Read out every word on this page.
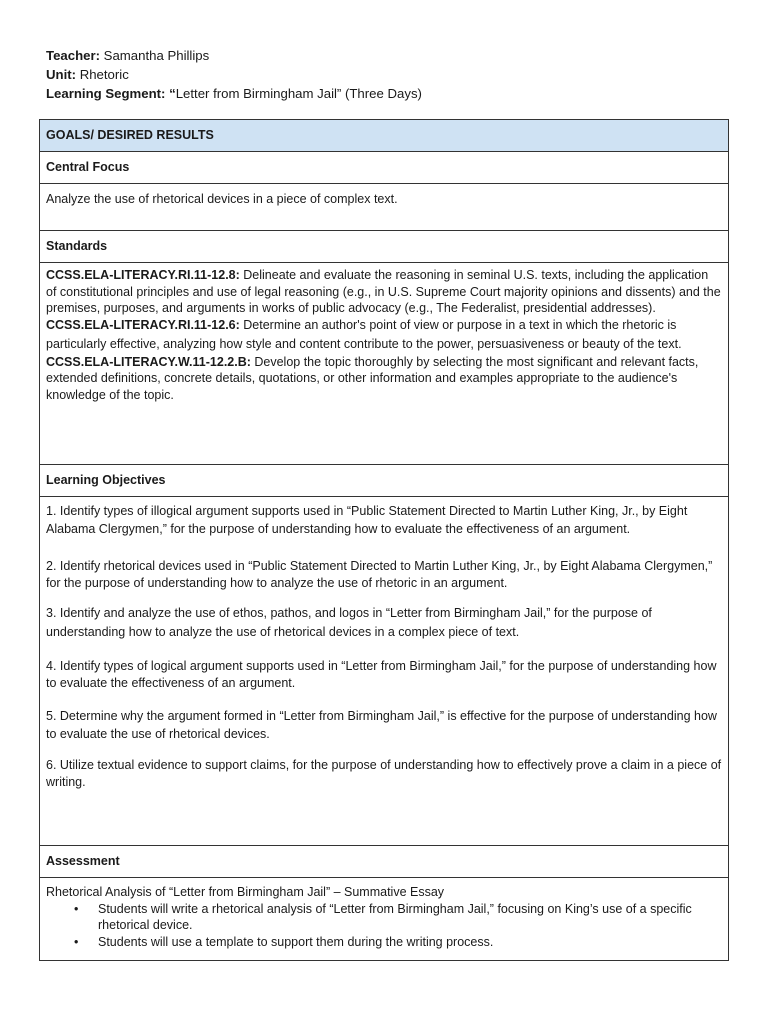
Teacher: Samantha Phillips
Unit: Rhetoric
Learning Segment: “Letter from Birmingham Jail” (Three Days)
GOALS/ DESIRED RESULTS
Central Focus

Analyze the use of rhetorical devices in a piece of complex text.

Standards

CCSS.ELA-LITERACY.RI.11-12.8: Delineate and evaluate the reasoning in seminal U.S. texts, including the application of constitutional principles and use of legal reasoning (e.g., in U.S. Supreme Court majority opinions and dissents) and the premises, purposes, and arguments in works of public advocacy (e.g., The Federalist, presidential addresses).

CCSS.ELA-LITERACY.RI.11-12.6: Determine an author's point of view or purpose in a text in which the rhetoric is particularly effective, analyzing how style and content contribute to the power, persuasiveness or beauty of the text.

CCSS.ELA-LITERACY.W.11-12.2.B: Develop the topic thoroughly by selecting the most significant and relevant facts, extended definitions, concrete details, quotations, or other information and examples appropriate to the audience's knowledge of the topic.

Learning Objectives

1. Identify types of illogical argument supports used in “Public Statement Directed to Martin Luther King, Jr., by Eight Alabama Clergymen,” for the purpose of understanding how to evaluate the effectiveness of an argument.

2. Identify rhetorical devices used in “Public Statement Directed to Martin Luther King, Jr., by Eight Alabama Clergymen,” for the purpose of understanding how to analyze the use of rhetoric in an argument.

3. Identify and analyze the use of ethos, pathos, and logos in “Letter from Birmingham Jail,” for the purpose of understanding how to analyze the use of rhetorical devices in a complex piece of text.

4. Identify types of logical argument supports used in “Letter from Birmingham Jail,” for the purpose of understanding how to evaluate the effectiveness of an argument.

5. Determine why the argument formed in “Letter from Birmingham Jail,” is effective for the purpose of understanding how to evaluate the use of rhetorical devices.

6. Utilize textual evidence to support claims, for the purpose of understanding how to effectively prove a claim in a piece of writing.

Assessment

Rhetorical Analysis of “Letter from Birmingham Jail” – Summative Essay
• Students will write a rhetorical analysis of “Letter from Birmingham Jail,” focusing on King’s use of a specific rhetorical device.
• Students will use a template to support them during the writing process.
